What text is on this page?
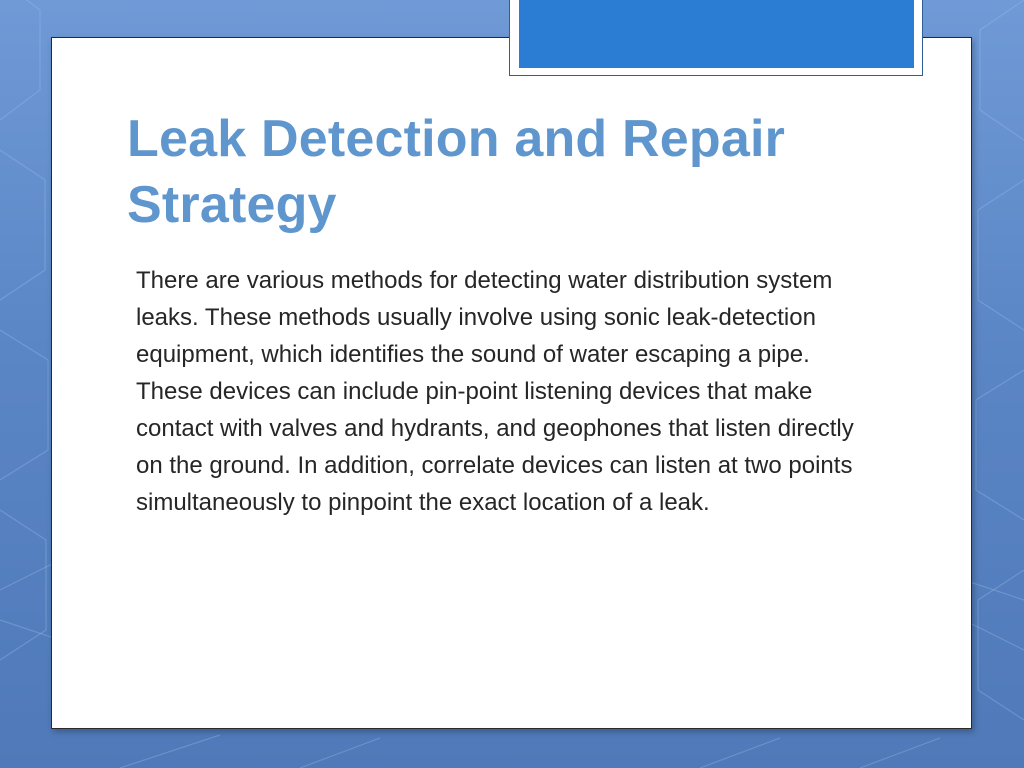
Leak Detection and Repair Strategy

There are various methods for detecting water distribution system leaks. These methods usually involve using sonic leak-detection equipment, which identifies the sound of water escaping a pipe. These devices can include pin-point listening devices that make contact with valves and hydrants, and geophones that listen directly on the ground. In addition, correlate devices can listen at two points simultaneously to pinpoint the exact location of a leak.
